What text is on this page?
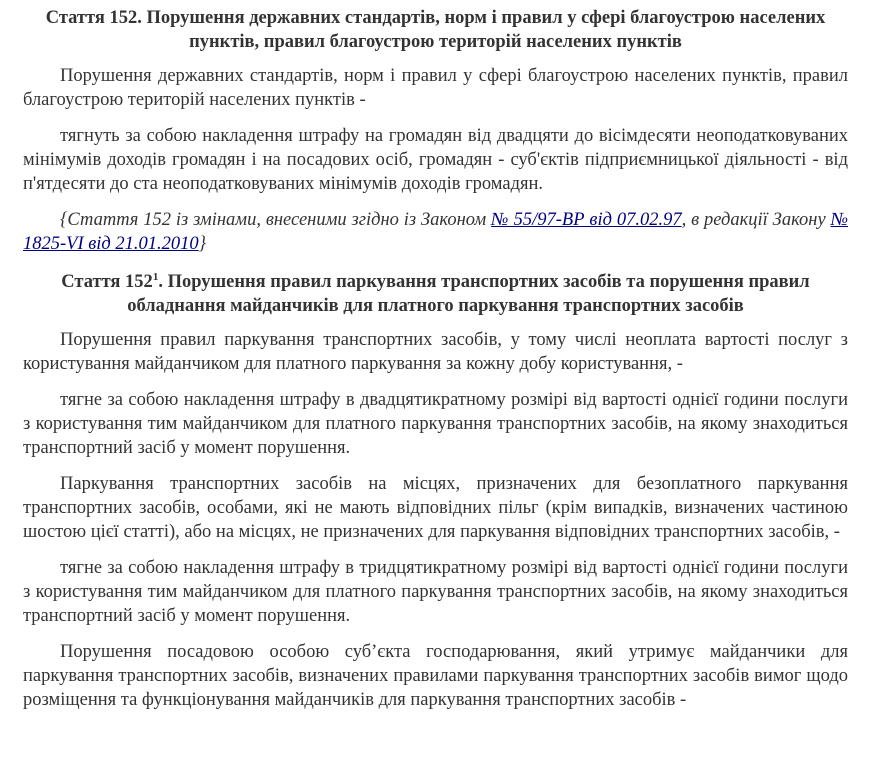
Стаття 152. Порушення державних стандартів, норм і правил у сфері благоустрою населених пунктів, правил благоустрою територій населених пунктів

Порушення державних стандартів, норм і правил у сфері благоустрою населених пунктів, правил благоустрою територій населених пунктів -

тягнуть за собою накладення штрафу на громадян від двадцяти до вісімдесяти неоподатковуваних мінімумів доходів громадян і на посадових осіб, громадян - суб'єктів підприємницької діяльності - від п'ятдесяти до ста неоподатковуваних мінімумів доходів громадян.

{Стаття 152 із змінами, внесеними згідно із Законом № 55/97-ВР від 07.02.97, в редакції Закону № 1825-VI від 21.01.2010}

Стаття $152^1$. Порушення правил паркування транспортних засобів та порушення правил обладнання майданчиків для платного паркування транспортних засобів

Порушення правил паркування транспортних засобів, у тому числі неоплата вартості послуг з користування майданчиком для платного паркування за кожну добу користування, -

тягне за собою накладення штрафу в двадцятикратному розмірі від вартості однієї години послуги з користування тим майданчиком для платного паркування транспортних засобів, на якому знаходиться транспортний засіб у момент порушення.

Паркування транспортних засобів на місцях, призначених для безоплатного паркування транспортних засобів, особами, які не мають відповідних пільг (крім випадків, визначених частиною шостою цієї статті), або на місцях, не призначених для паркування відповідних транспортних засобів, -

тягне за собою накладення штрафу в тридцятикратному розмірі від вартості однієї години послуги з користування тим майданчиком для платного паркування транспортних засобів, на якому знаходиться транспортний засіб у момент порушення.

Порушення посадовою особою суб’єкта господарювання, який утримує майданчики для паркування транспортних засобів, визначених правилами паркування транспортних засобів вимог щодо розміщення та функціонування майданчиків для паркування транспортних засобів -
